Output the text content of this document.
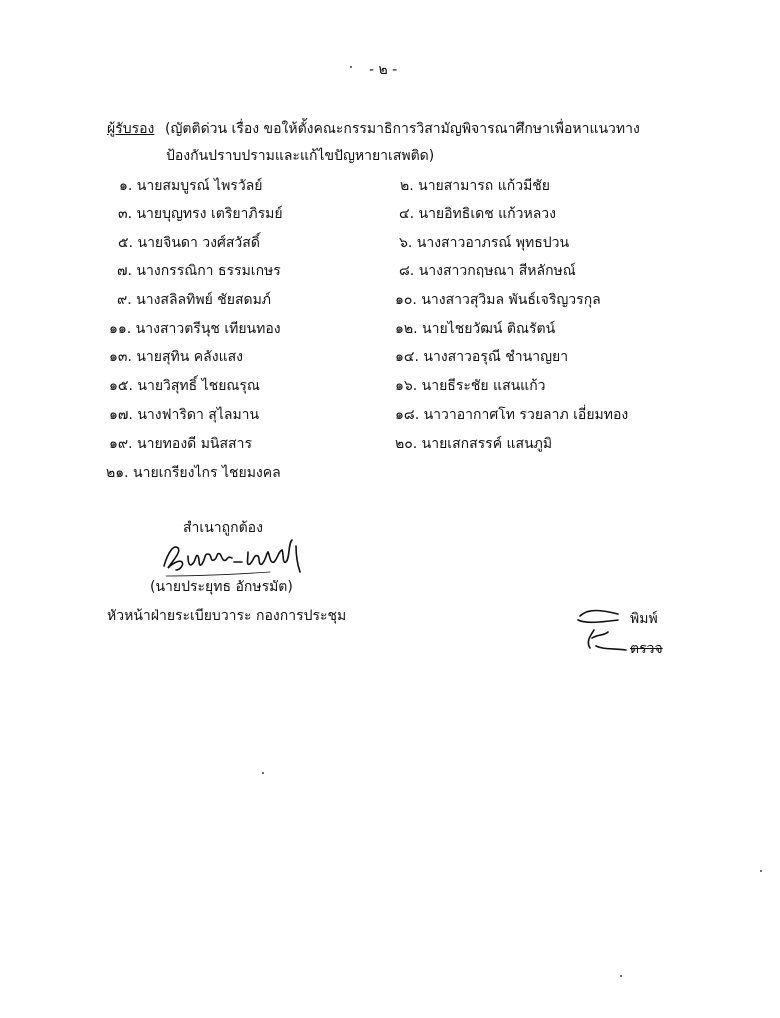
- ๒ -
ผู้รับรอง (ญัตติด่วน เรื่อง ขอให้ตั้งคณะกรรมาธิการวิสามัญพิจารณาศึกษาเพื่อหาแนวทาง
ป้องกันปราบปรามและแก้ไขปัญหายาเสพติด)
๑. นายสมบูรณ์ ไพรวัลย์
๓. นายบุญทรง เตริยาภิรมย์
๕. นายจินดา วงศ์สวัสดิ์
๗. นางกรรณิกา ธรรมเกษร
๙. นางสลิลทิพย์ ชัยสดมภ์
๑๑. นางสาวตรีนุช เทียนทอง
๑๓. นายสุทิน คลังแสง
๑๕. นายวิสุทธิ์ ไชยณรุณ
๑๗. นางฟาริดา สุไลมาน
๑๙. นายทองดี มนิสสาร
๒๑. นายเกรียงไกร ไชยมงคล
๒. นายสามารถ แก้วมีชัย
๔. นายอิทธิเดช แก้วหลวง
๖. นางสาวอาภรณ์ พุทธปวน
๘. นางสาวกฤษณา สีหลักษณ์
๑๐. นางสาวสุวิมล พันธ์เจริญวรกุล
๑๒. นายไชยวัฒน์ ติณรัตน์
๑๔. นางสาวอรุณี ชำนาญยา
๑๖. นายธีระชัย แสนแก้ว
๑๘. นาวาอากาศโท รวยลาภ เอี่ยมทอง
๒๐. นายเสกสรรค์ แสนภูมิ
สำเนาถูกต้อง
(นายประยุทธ อักษรมัต)
หัวหน้าฝ่ายระเบียบวาระ กองการประชุม	พิมพ์
ตรวจ
